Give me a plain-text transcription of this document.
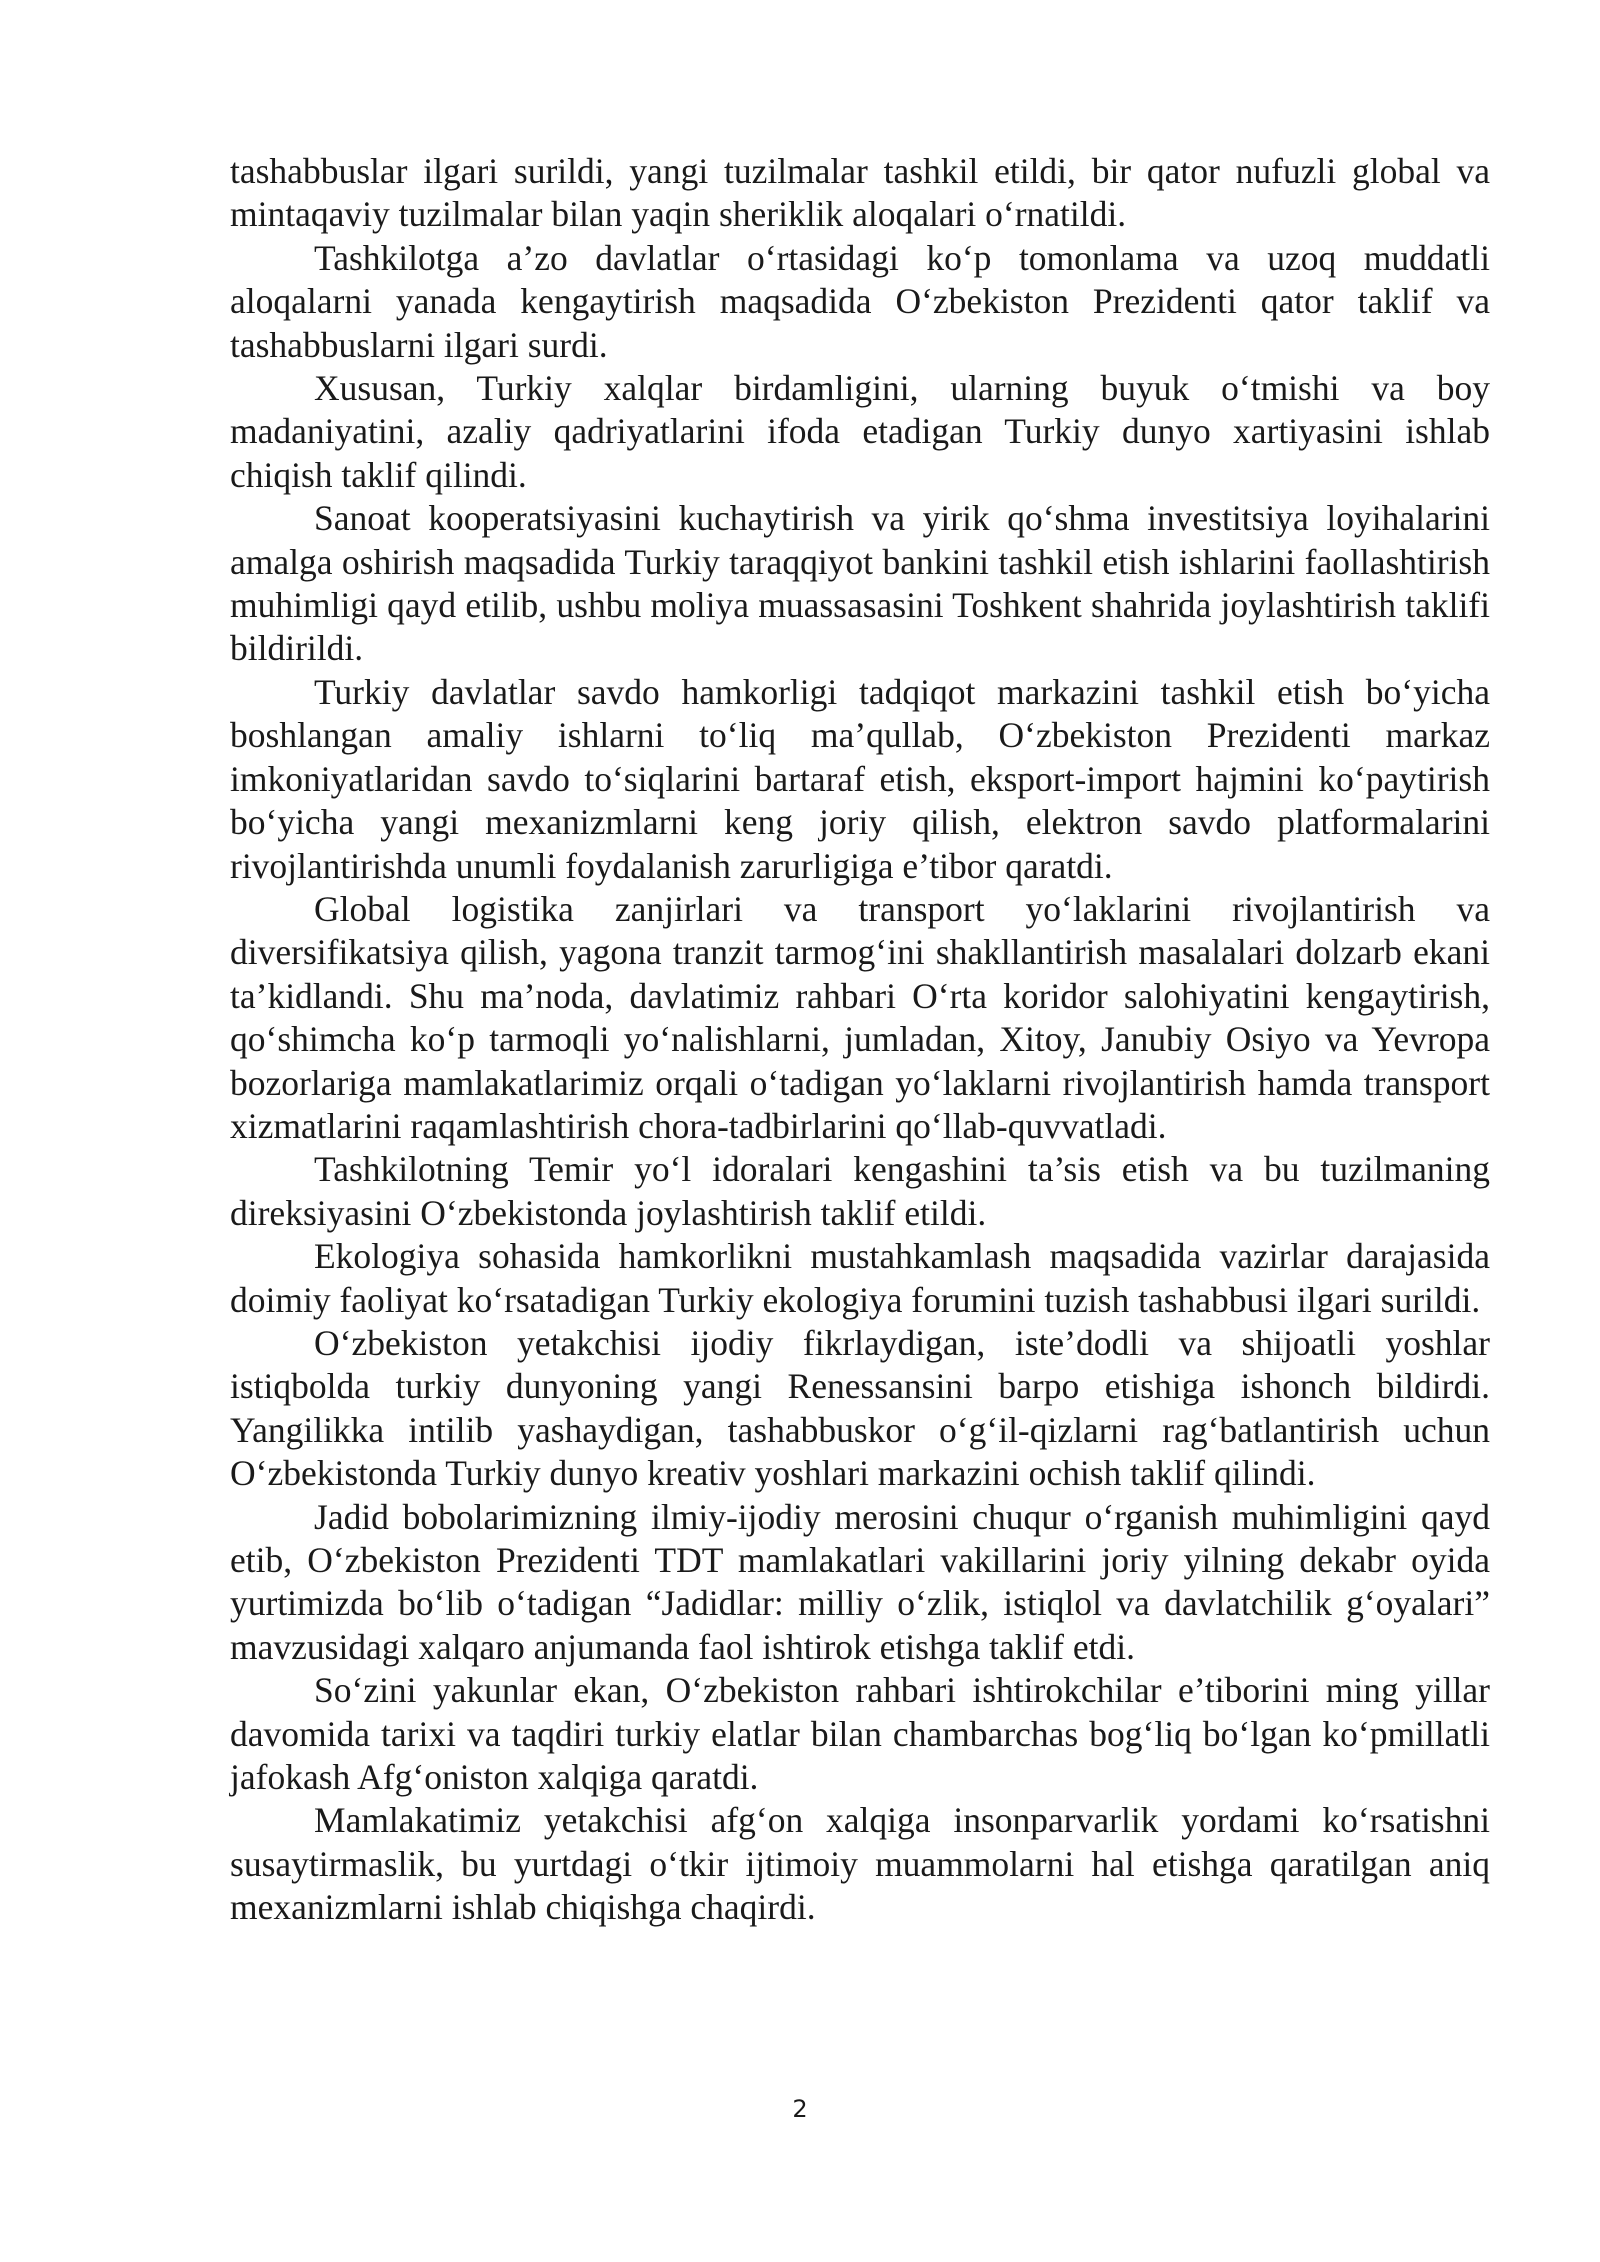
tashabbuslar ilgari surildi, yangi tuzilmalar tashkil etildi, bir qator nufuzli global va mintaqaviy tuzilmalar bilan yaqin sheriklik aloqalari o‘rnatildi.

Tashkilotga a’zo davlatlar o‘rtasidagi ko‘p tomonlama va uzoq muddatli aloqalarni yanada kengaytirish maqsadida O‘zbekiston Prezidenti qator taklif va tashabbuslarni ilgari surdi.

Xususan, Turkiy xalqlar birdamligini, ularning buyuk o‘tmishi va boy madaniyatini, azaliy qadriyatlarini ifoda etadigan Turkiy dunyo xartiyasini ishlab chiqish taklif qilindi.

Sanoat kooperatsiyasini kuchaytirish va yirik qo‘shma investitsiya loyihalarini amalga oshirish maqsadida Turkiy taraqqiyot bankini tashkil etish ishlarini faollashtirish muhimligi qayd etilib, ushbu moliya muassasasini Toshkent shahrida joylashtirish taklifi bildirildi.

Turkiy davlatlar savdo hamkorligi tadqiqot markazini tashkil etish bo‘yicha boshlangan amaliy ishlarni to‘liq ma’qullab, O‘zbekiston Prezidenti markaz imkoniyatlaridan savdo to‘siqlarini bartaraf etish, eksport-import hajmini ko‘paytirish bo‘yicha yangi mexanizmlarni keng joriy qilish, elektron savdo platformalarini rivojlantirishda unumli foydalanish zarurligiga e’tibor qaratdi.

Global logistika zanjirlari va transport yo‘laklarini rivojlantirish va diversifikatsiya qilish, yagona tranzit tarmog‘ini shakllantirish masalalari dolzarb ekani ta’kidlandi. Shu ma’noda, davlatimiz rahbari O‘rta koridor salohiyatini kengaytirish, qo‘shimcha ko‘p tarmoqli yo‘nalishlarni, jumladan, Xitoy, Janubiy Osiyo va Yevropa bozorlariga mamlakatlarimiz orqali o‘tadigan yo‘laklarni rivojlantirish hamda transport xizmatlarini raqamlashtirish chora-tadbirlarini qo‘llab-quvvatladi.

Tashkilotning Temir yo‘l idoralari kengashini ta’sis etish va bu tuzilmaning direksiyasini O‘zbekistonda joylashtirish taklif etildi.

Ekologiya sohasida hamkorlikni mustahkamlash maqsadida vazirlar darajasida doimiy faoliyat ko‘rsatadigan Turkiy ekologiya forumini tuzish tashabbusi ilgari surildi.

O‘zbekiston yetakchisi ijodiy fikrlaydigan, iste’dodli va shijoatli yoshlar istiqbolda turkiy dunyoning yangi Renessansini barpo etishiga ishonch bildirdi. Yangilikka intilib yashaydigan, tashabbuskor o‘g‘il-qizlarni rag‘batlantirish uchun O‘zbekistonda Turkiy dunyo kreativ yoshlari markazini ochish taklif qilindi.

Jadid bobolarimizning ilmiy-ijodiy merosini chuqur o‘rganish muhimligini qayd etib, O‘zbekiston Prezidenti TDT mamlakatlari vakillarini joriy yilning dekabr oyida yurtimizda bo‘lib o‘tadigan “Jadidlar: milliy o‘zlik, istiqlol va davlatchilik g‘oyalari” mavzusidagi xalqaro anjumanda faol ishtirok etishga taklif etdi.

So‘zini yakunlar ekan, O‘zbekiston rahbari ishtirokchilar e’tiborini ming yillar davomida tarixi va taqdiri turkiy elatlar bilan chambarchas bog‘liq bo‘lgan ko‘pmillatli jafokash Afg‘oniston xalqiga qaratdi.

Mamlakatimiz yetakchisi afg‘on xalqiga insonparvarlik yordami ko‘rsatishni susaytirmaslik, bu yurtdagi o‘tkir ijtimoiy muammolarni hal etishga qaratilgan aniq mexanizmlarni ishlab chiqishga chaqirdi.

2
